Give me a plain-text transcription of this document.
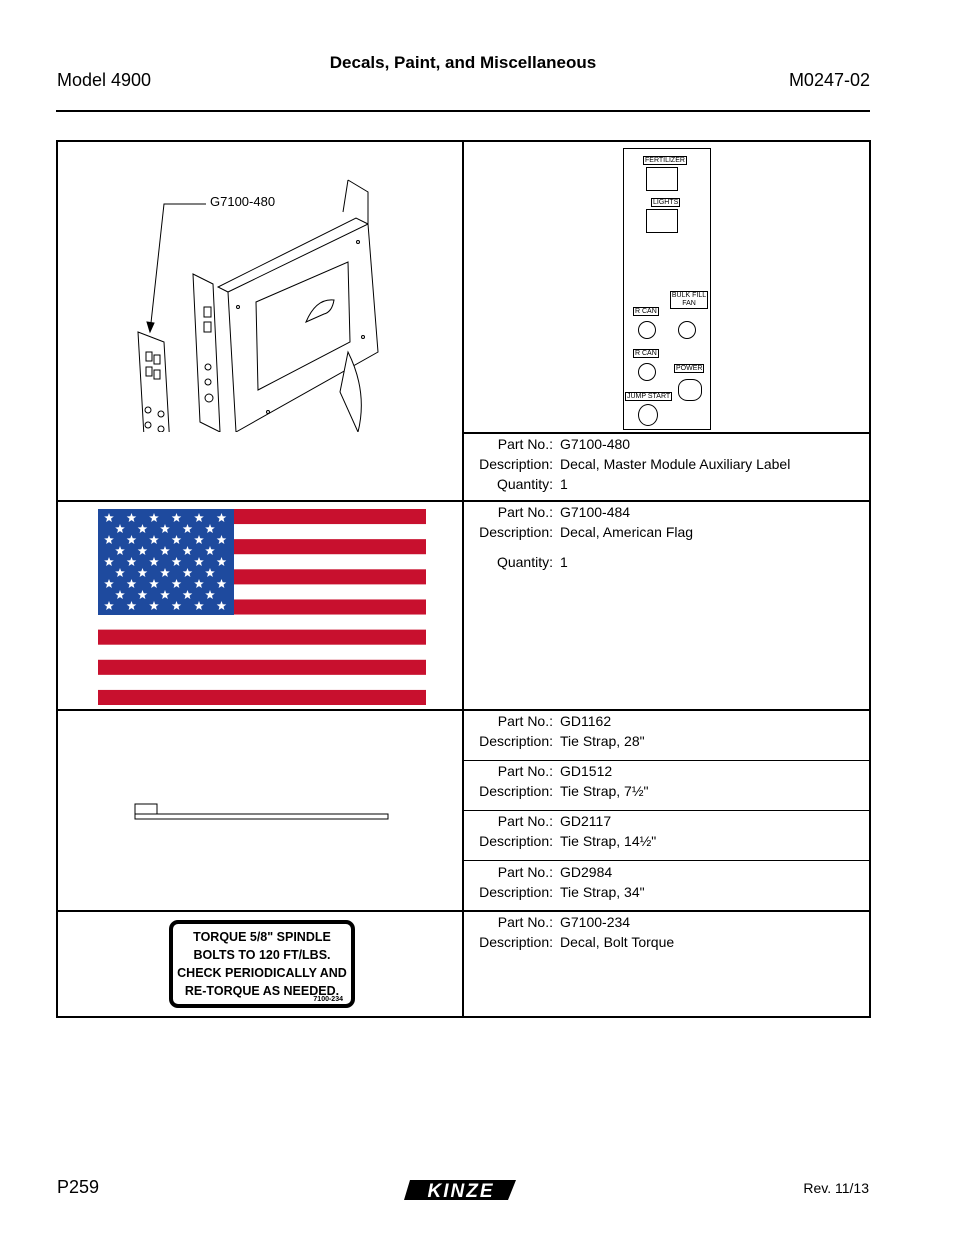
Decals, Paint, and Miscellaneous
Model 4900	M0247-02
G7100-480
FERTILIZER
LIGHTS
BULK FILL FAN
R CAN
R CAN
POWER
JUMP START
Part No.: G7100-480
Description: Decal, Master Module Auxiliary Label
Quantity: 1
Part No.: G7100-484
Description: Decal, American Flag
Quantity: 1
Part No.: GD1162
Description: Tie Strap, 28"
Part No.: GD1512
Description: Tie Strap, 7½"
Part No.: GD2117
Description: Tie Strap, 14½"
Part No.: GD2984
Description: Tie Strap, 34"
TORQUE 5/8" SPINDLE
BOLTS TO 120 FT/LBS.
CHECK PERIODICALLY AND
RE-TORQUE AS NEEDED.
7100-234
Part No.: G7100-234
Description: Decal, Bolt Torque
P259	KINZE	Rev. 11/13
